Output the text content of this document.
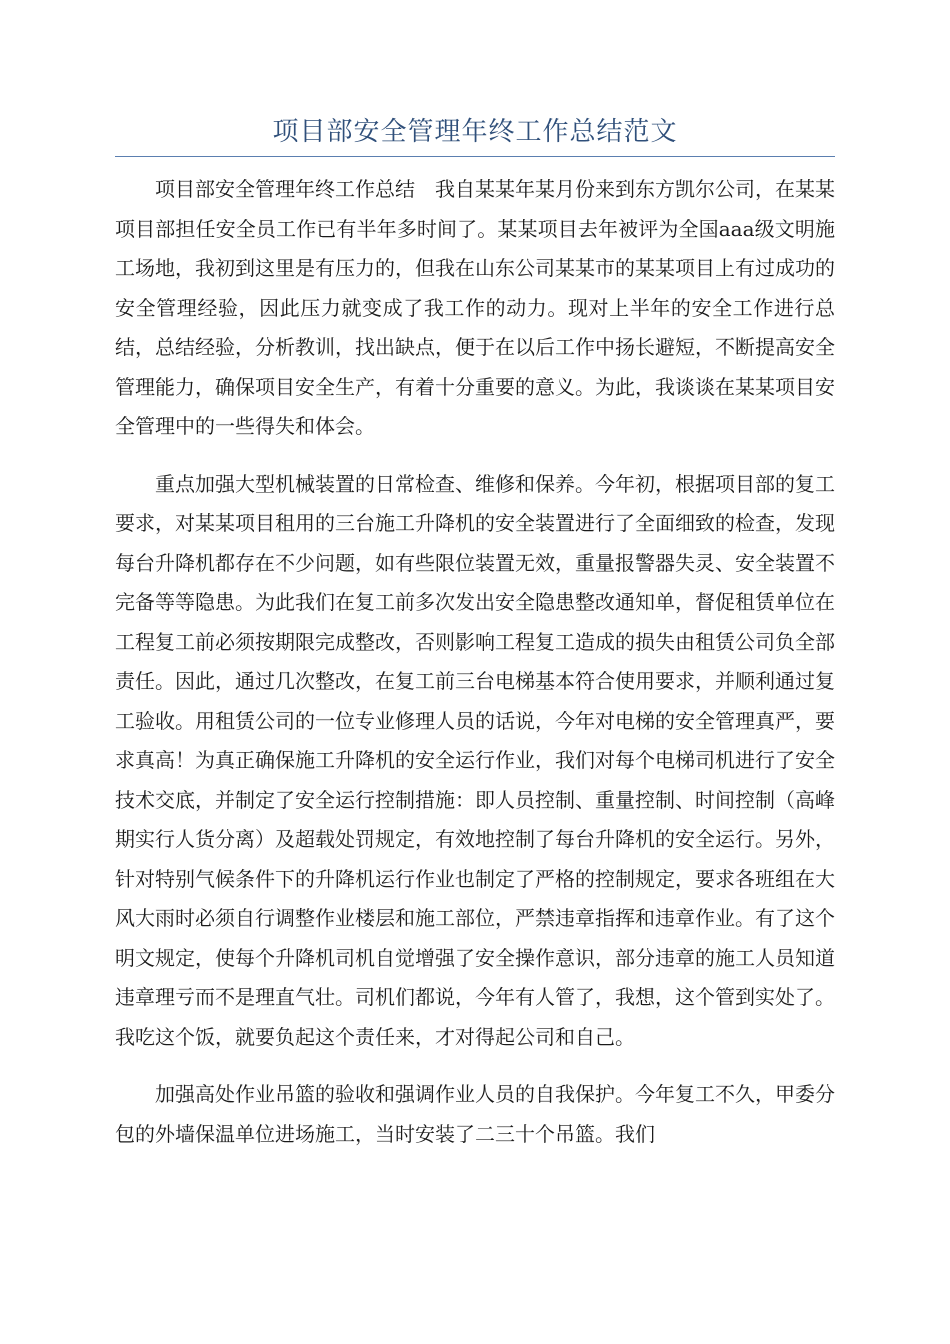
项目部安全管理年终工作总结范文

项目部安全管理年终工作总结　我自某某年某月份来到东方凯尔公司，在某某项目部担任安全员工作已有半年多时间了。某某项目去年被评为全国aaa级文明施工场地，我初到这里是有压力的，但我在山东公司某某市的某某项目上有过成功的安全管理经验，因此压力就变成了我工作的动力。现对上半年的安全工作进行总结，总结经验，分析教训，找出缺点，便于在以后工作中扬长避短，不断提高安全管理能力，确保项目安全生产，有着十分重要的意义。为此，我谈谈在某某项目安全管理中的一些得失和体会。

重点加强大型机械装置的日常检查、维修和保养。今年初，根据项目部的复工要求，对某某项目租用的三台施工升降机的安全装置进行了全面细致的检查，发现每台升降机都存在不少问题，如有些限位装置无效，重量报警器失灵、安全装置不完备等等隐患。为此我们在复工前多次发出安全隐患整改通知单，督促租赁单位在工程复工前必须按期限完成整改，否则影响工程复工造成的损失由租赁公司负全部责任。因此，通过几次整改，在复工前三台电梯基本符合使用要求，并顺利通过复工验收。用租赁公司的一位专业修理人员的话说，今年对电梯的安全管理真严，要求真高！为真正确保施工升降机的安全运行作业，我们对每个电梯司机进行了安全技术交底，并制定了安全运行控制措施：即人员控制、重量控制、时间控制（高峰期实行人货分离）及超载处罚规定，有效地控制了每台升降机的安全运行。另外，针对特别气候条件下的升降机运行作业也制定了严格的控制规定，要求各班组在大风大雨时必须自行调整作业楼层和施工部位，严禁违章指挥和违章作业。有了这个明文规定，使每个升降机司机自觉增强了安全操作意识，部分违章的施工人员知道违章理亏而不是理直气壮。司机们都说，今年有人管了，我想，这个管到实处了。我吃这个饭，就要负起这个责任来，才对得起公司和自己。

加强高处作业吊篮的验收和强调作业人员的自我保护。今年复工不久，甲委分包的外墙保温单位进场施工，当时安装了二三十个吊篮。我们
